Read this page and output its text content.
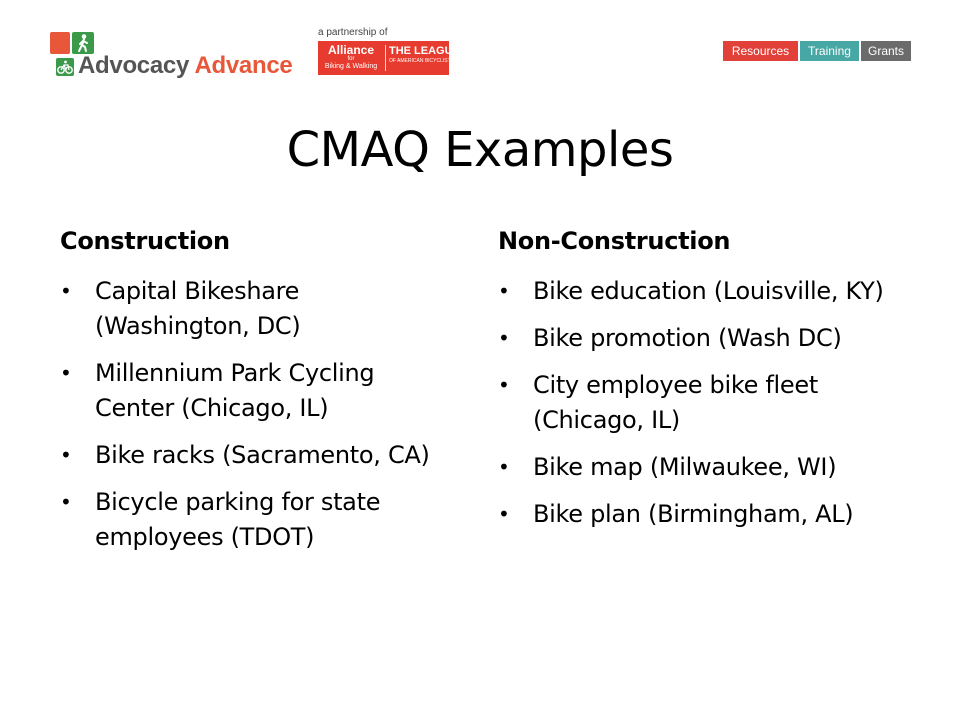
Advocacy Advance
a partnership of
Alliance
for
Biking & Walking
THE LEAGUE
OF AMERICAN BICYCLISTS
Resources	Training	Grants
CMAQ Examples
Construction
• Capital Bikeshare (Washington, DC)
• Millennium Park Cycling Center (Chicago, IL)
• Bike racks (Sacramento, CA)
• Bicycle parking for state employees (TDOT)
Non-Construction
• Bike education (Louisville, KY)
• Bike promotion (Wash DC)
• City employee bike fleet (Chicago, IL)
• Bike map (Milwaukee, WI)
• Bike plan (Birmingham, AL)
